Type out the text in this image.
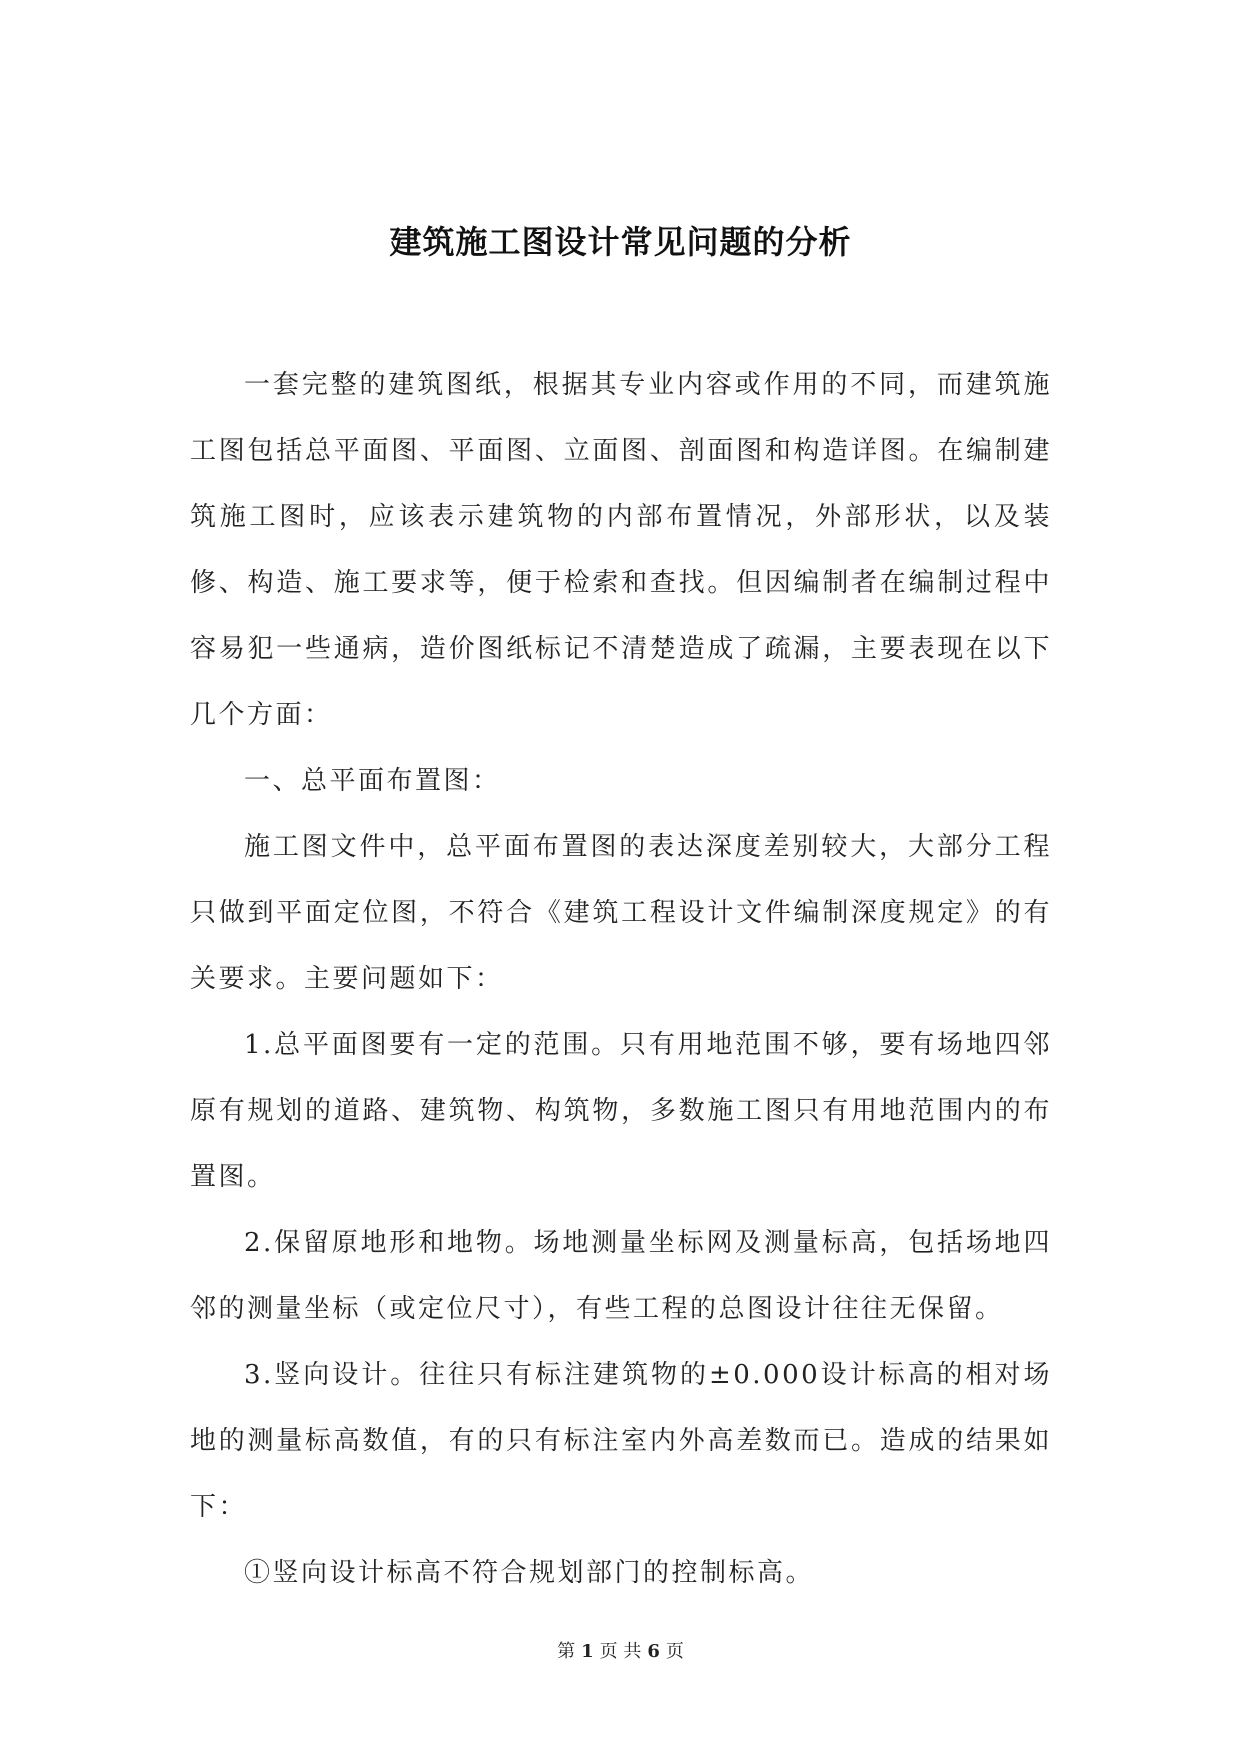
建筑施工图设计常见问题的分析

一套完整的建筑图纸，根据其专业内容或作用的不同，而建筑施工图包括总平面图、平面图、立面图、剖面图和构造详图。在编制建筑施工图时，应该表示建筑物的内部布置情况，外部形状，以及装修、构造、施工要求等，便于检索和查找。但因编制者在编制过程中容易犯一些通病，造价图纸标记不清楚造成了疏漏，主要表现在以下几个方面：

一、总平面布置图：

施工图文件中，总平面布置图的表达深度差别较大，大部分工程只做到平面定位图，不符合《建筑工程设计文件编制深度规定》的有关要求。主要问题如下：

1.总平面图要有一定的范围。只有用地范围不够，要有场地四邻原有规划的道路、建筑物、构筑物，多数施工图只有用地范围内的布置图。

2.保留原地形和地物。场地测量坐标网及测量标高，包括场地四邻的测量坐标（或定位尺寸），有些工程的总图设计往往无保留。

3.竖向设计。往往只有标注建筑物的±0.000设计标高的相对场地的测量标高数值，有的只有标注室内外高差数而已。造成的结果如下：

①竖向设计标高不符合规划部门的控制标高。

第 1 页 共 6 页
